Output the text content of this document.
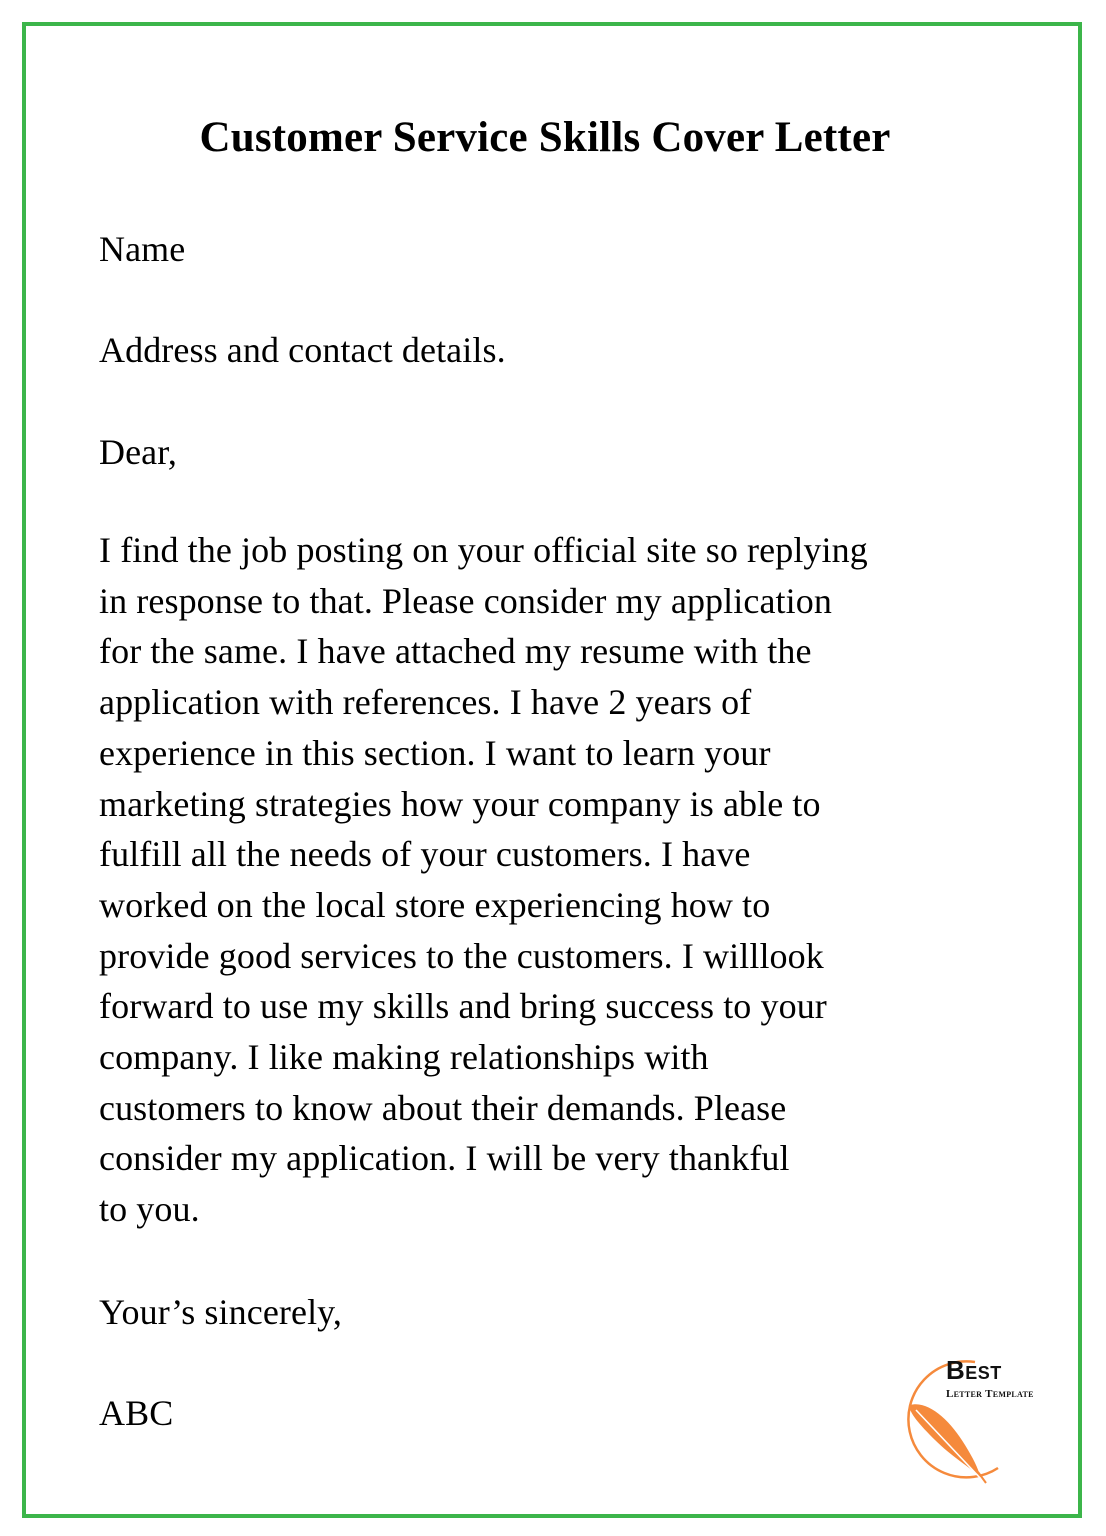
Customer Service Skills Cover Letter
Name
Address and contact details.
Dear,
I find the job posting on your official site so replying
in response to that. Please consider my application
for the same. I have attached my resume with the
application with references. I have 2 years of
experience in this section. I want to learn your
marketing strategies how your company is able to
fulfill all the needs of your customers. I have
worked on the local store experiencing how to
provide good services to the customers. I willlook
forward to use my skills and bring success to your
company. I like making relationships with
customers to know about their demands. Please
consider my application. I will be very thankful
to you.
Your’s sincerely,
ABC
Best
Letter Template
